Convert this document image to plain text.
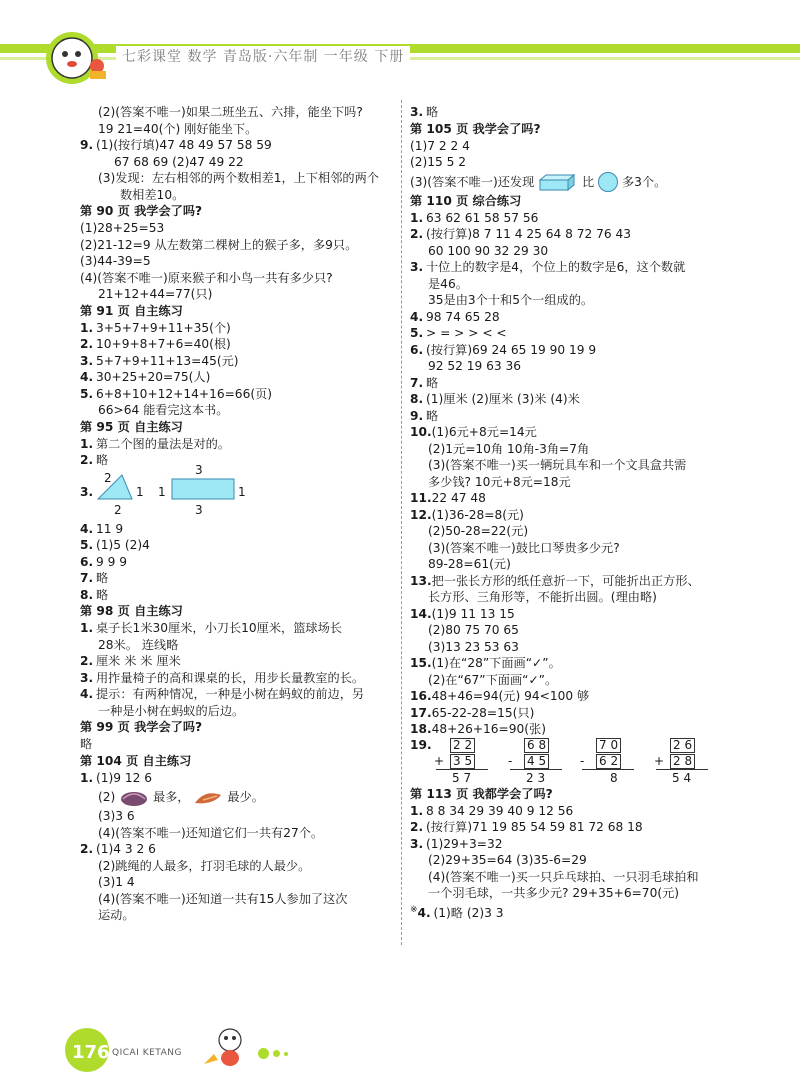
七彩课堂 数学 青岛版·六年制 一年级 下册
(2)(答案不唯一)如果二班坐五、六排，能坐下吗?
19 21=40(个) 刚好能坐下。
9. (1)(按行填)47 48 49 57 58 59
67 68 69 (2)47 49 22
(3)发现：左右相邻的两个数相差1，上下相邻的两个
数相差10。
第 90 页 我学会了吗?
(1)28+25=53
(2)21-12=9 从左数第二棵树上的猴子多，多9只。
(3)44-39=5
(4)(答案不唯一)原来猴子和小鸟一共有多少只?
21+12+44=77(只)
第 91 页 自主练习
1. 3+5+7+9+11+35(个)
2. 10+9+8+7+6=40(根)
3. 5+7+9+11+13=45(元)
4. 30+25+20=75(人)
5. 6+8+10+12+14+16=66(页)
66>64 能看完这本书。
第 95 页 自主练习
1. 第二个图的量法是对的。
2. 略
3.
2
1
2
3
1	1
3
4. 11 9
5. (1)5 (2)4
6. 9 9 9
7. 略
8. 略
第 98 页 自主练习
1. 桌子长1米30厘米，小刀长10厘米，篮球场长
28米。 连线略
2. 厘米 米 米 厘米
3. 用拃量椅子的高和课桌的长，用步长量教室的长。
4. 提示：有两种情况，一种是小树在蚂蚁的前边，另
一种是小树在蚂蚁的后边。
第 99 页 我学会了吗?
略
第 104 页 自主练习
1. (1)9 12 6
(2)	最多，	最少。
(3)3 6
(4)(答案不唯一)还知道它们一共有27个。
2. (1)4 3 2 6
(2)跳绳的人最多，打羽毛球的人最少。
(3)1 4
(4)(答案不唯一)还知道一共有15人参加了这次
运动。
3. 略
第 105 页 我学会了吗?
(1)7 2 2 4
(2)15 5 2
(3)(答案不唯一)还发现	比 多3个。
第 110 页 综合练习
1. 63 62 61 58 57 56
2. (按行算)8 7 11 4 25 64 8 72 76 43
60 100 90 32 29 30
3. 十位上的数字是4，个位上的数字是6，这个数就
是46。
35是由3个十和5个一组成的。
4. 98 74 65 28
5. > = > > < <
6. (按行算)69 24 65 19 90 19 9
92 52 19 63 36
7. 略
8. (1)厘米 (2)厘米 (3)米 (4)米
9. 略
10.(1)6元+8元=14元
(2)1元=10角 10角-3角=7角
(3)(答案不唯一)买一辆玩具车和一个文具盒共需
多少钱? 10元+8元=18元
11.22 47 48
12.(1)36-28=8(元)
(2)50-28=22(元)
(3)(答案不唯一)鼓比口琴贵多少元?
89-28=61(元)
13.把一张长方形的纸任意折一下，可能折出正方形、
长方形、三角形等，不能折出圆。(理由略)
14.(1)9 11 13 15
(2)80 75 70 65
(3)13 23 53 63
15.(1)在“28”下面画“✓”。
(2)在“67”下面画“✓”。
16.48+46=94(元) 94<100 够
17.65-22-28=15(只)
18.48+26+16=90(张)
19. 2 2
+ 3 5
5 7
6 8
- 4 5
2 3
7 0
- 6 2
8
2 6
+ 2 8
5 4
第 113 页 我都学会了吗?
1. 8 8 34 29 39 40 9 12 56
2. (按行算)71 19 85 54 59 81 72 68 18
3. (1)29+3=32
(2)29+35=64 (3)35-6=29
(4)(答案不唯一)买一只乒乓球拍、一只羽毛球拍和
一个羽毛球，一共多少元? 29+35+6=70(元)
※4. (1)略 (2)3 3
176 QICAI KETANG
